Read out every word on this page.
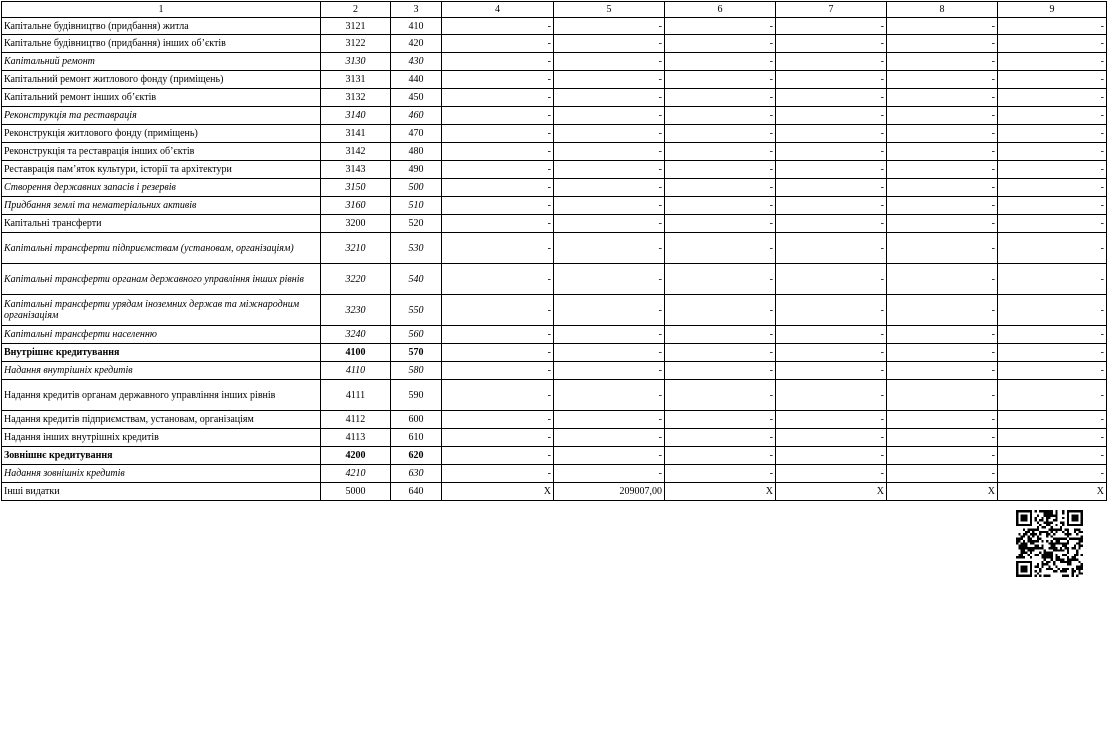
1	2	3	4	5	6	7	8	9

Капітальне будівництво (придбання) житла	3121	410	-	-	-	-	-	-

Капітальне будівництво (придбання) інших об’єктів	3122	420	-	-	-	-	-	-

Капітальний ремонт	3130	430	-	-	-	-	-	-

Капітальний ремонт житлового фонду (приміщень)	3131	440	-	-	-	-	-	-

Капітальний ремонт інших об’єктів	3132	450	-	-	-	-	-	-

Реконструкція та реставрація	3140	460	-	-	-	-	-	-

Реконструкція житлового фонду (приміщень)	3141	470	-	-	-	-	-	-

Реконструкція та реставрація інших об’єктів	3142	480	-	-	-	-	-	-

Реставрація пам’яток культури, історії та архітектури	3143	490	-	-	-	-	-	-

Створення державних запасів і резервів	3150	500	-	-	-	-	-	-

Придбання землі та нематеріальних активів	3160	510	-	-	-	-	-	-

Капітальні трансферти	3200	520	-	-	-	-	-	-

Капітальні трансферти підприємствам (установам, організаціям)	3210	530	-	-	-	-	-	-

Капітальні трансферти органам державного управління інших рівнів	3220	540	-	-	-	-	-	-

Капітальні трансферти урядам іноземних держав та міжнародним організаціям	3230	550	-	-	-	-	-	-

Капітальні трансферти населенню	3240	560	-	-	-	-	-	-

Внутрішнє кредитування	4100	570	-	-	-	-	-	-

Надання внутрішніх кредитів	4110	580	-	-	-	-	-	-

Надання кредитів органам державного управління інших рівнів	4111	590	-	-	-	-	-	-

Надання кредитів підприємствам, установам, організаціям	4112	600	-	-	-	-	-	-

Надання інших внутрішніх кредитів	4113	610	-	-	-	-	-	-

Зовнішнє кредитування	4200	620	-	-	-	-	-	-

Надання зовнішніх кредитів	4210	630	-	-	-	-	-	-

Інші видатки	5000	640	X	209007,00	X	X	X	X
